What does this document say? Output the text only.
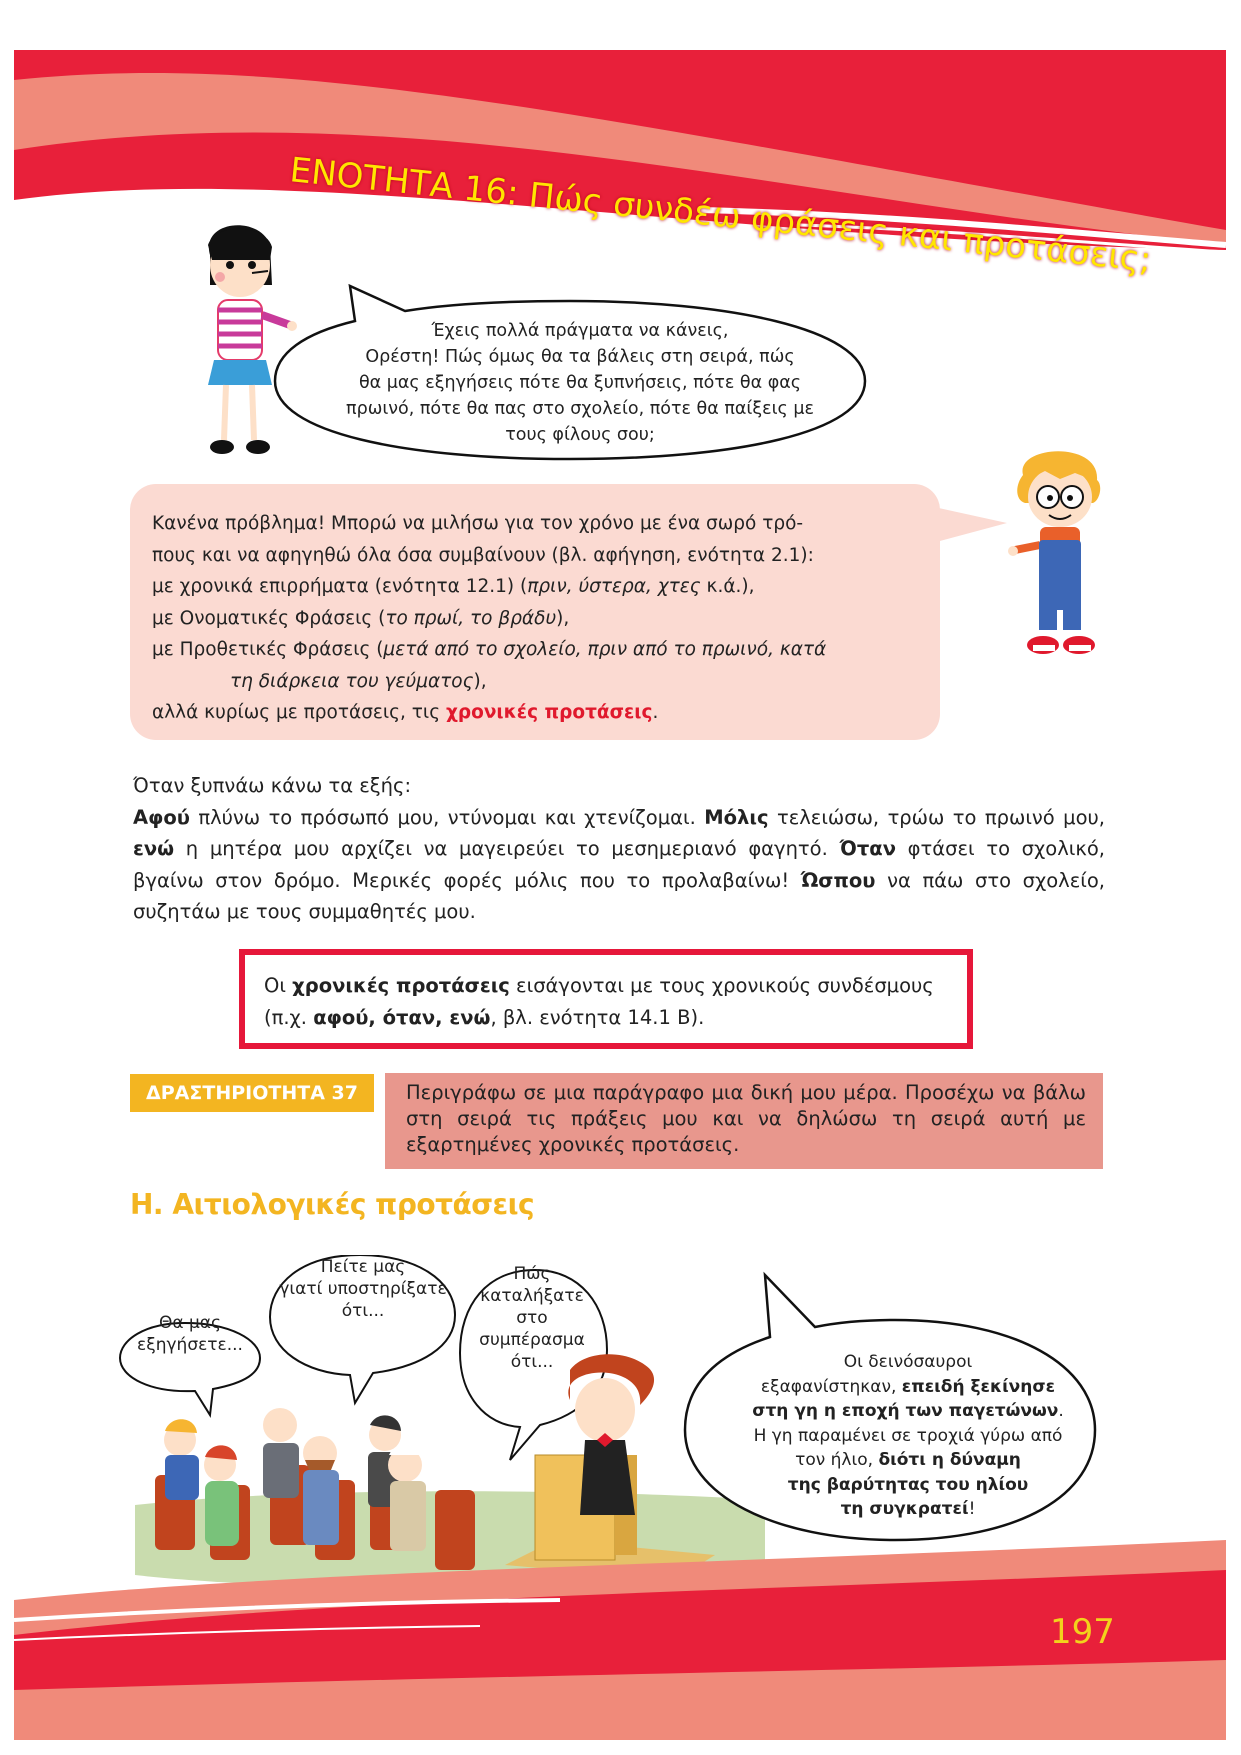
ΕΝΟΤΗΤΑ 16: Πώς συνδέω φράσεις και προτάσεις;
Έχεις πολλά πράγματα να κάνεις,
Ορέστη! Πώς όμως θα τα βάλεις στη σειρά, πώς
θα μας εξηγήσεις πότε θα ξυπνήσεις, πότε θα φας
πρωινό, πότε θα πας στο σχολείο, πότε θα παίξεις με
τους φίλους σου;
Κανένα πρόβλημα! Μπορώ να μιλήσω για τον χρόνο με ένα σωρό τρό-
πους και να αφηγηθώ όλα όσα συμβαίνουν (βλ. αφήγηση, ενότητα 2.1):
με χρονικά επιρρήματα (ενότητα 12.1) (πριν, ύστερα, χτες κ.ά.),
με Ονοματικές Φράσεις (το πρωί, το βράδυ),
με Προθετικές Φράσεις (μετά από το σχολείο, πριν από το πρωινό, κατά
τη διάρκεια του γεύματος),
αλλά κυρίως με προτάσεις, τις χρονικές προτάσεις.
Όταν ξυπνάω κάνω τα εξής:
Αφού πλύνω το πρόσωπό μου, ντύνομαι και χτενίζομαι. Μόλις τελειώσω, τρώω το πρωινό μου, ενώ η μητέρα μου αρχίζει να μαγειρεύει το μεσημεριανό φαγητό. Όταν φτάσει το σχολικό, βγαίνω στον δρόμο. Μερικές φορές μόλις που το προλαβαίνω! Ώσπου να πάω στο σχολείο, συζητάω με τους συμμαθητές μου.
Οι χρονικές προτάσεις εισάγονται με τους χρονικούς συνδέσμους
(π.χ. αφού, όταν, ενώ, βλ. ενότητα 14.1 Β).
ΔΡΑΣΤΗΡΙΟΤΗΤΑ 37	Περιγράφω σε μια παράγραφο μια δική μου μέρα. Προσέχω να βάλω στη σειρά τις πράξεις μου και να δηλώσω τη σειρά αυτή με εξαρτημένες χρονικές προτάσεις.
Η. Αιτιολογικές προτάσεις
Θα μας
εξηγήσετε...
Πείτε μας
γιατί υποστηρίξατε
ότι...
Πώς
καταλήξατε
στο
συμπέρασμα
ότι...	Οι δεινόσαυροι
εξαφανίστηκαν, επειδή ξεκίνησε
στη γη η εποχή των παγετώνων.
Η γη παραμένει σε τροχιά γύρω από
τον ήλιο, διότι η δύναμη
της βαρύτητας του ηλίου
τη συγκρατεί!
197
